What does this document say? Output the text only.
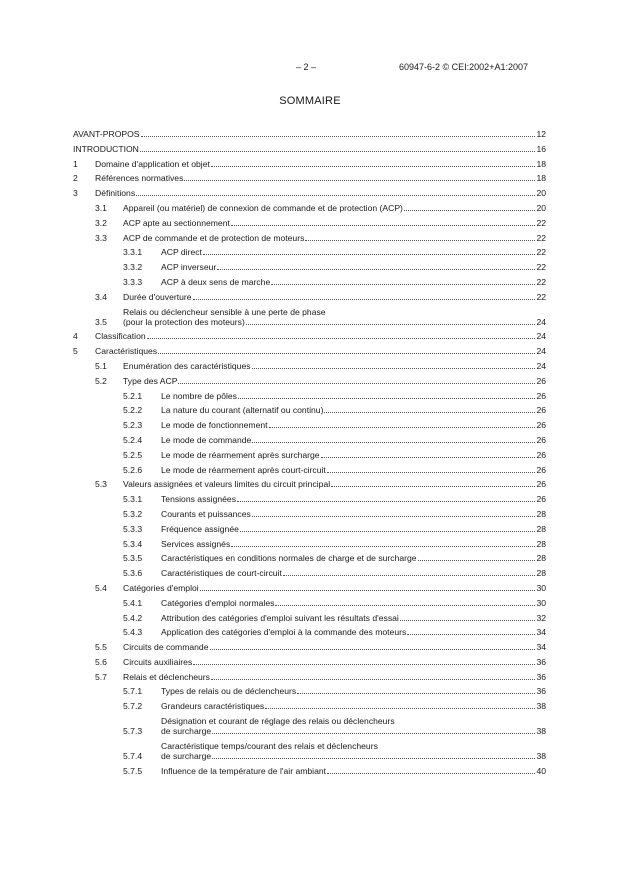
– 2 –	60947-6-2 © CEI:2002+A1:2007
SOMMAIRE
AVANT-PROPOS	12
INTRODUCTION	16
1	Domaine d'application et objet	18
2	Références normatives	18
3	Définitions	20
3.1	Appareil (ou matériel) de connexion de commande et de protection (ACP)	20
3.2	ACP apte au sectionnement	22
3.3	ACP de commande et de protection de moteurs	22
3.3.1	ACP direct	22
3.3.2	ACP inverseur	22
3.3.3	ACP à deux sens de marche	22
3.4	Durée d'ouverture	22
3.5
Relais ou déclencheur sensible à une perte de phase
(pour la protection des moteurs)	24
4	Classification	24
5	Caractéristiques	24
5.1	Enumération des caractéristiques	24
5.2	Type des ACP	26
5.2.1	Le nombre de pôles	26
5.2.2	La nature du courant (alternatif ou continu)	26
5.2.3	Le mode de fonctionnement	26
5.2.4	Le mode de commande	26
5.2.5	Le mode de réarmement après surcharge	26
5.2.6	Le mode de réarmement après court-circuit	26
5.3	Valeurs assignées et valeurs limites du circuit principal	26
5.3.1	Tensions assignées	26
5.3.2	Courants et puissances	28
5.3.3	Fréquence assignée	28
5.3.4	Services assignés	28
5.3.5	Caractéristiques en conditions normales de charge et de surcharge	28
5.3.6	Caractéristiques de court-circuit	28
5.4	Catégories d'emploi	30
5.4.1	Catégories d'emploi normales	30
5.4.2	Attribution des catégories d'emploi suivant les résultats d'essai	32
5.4.3	Application des catégories d'emploi à la commande des moteurs	34
5.5	Circuits de commande	34
5.6	Circuits auxiliaires	36
5.7	Relais et déclencheurs	36
5.7.1	Types de relais ou de déclencheurs	36
5.7.2	Grandeurs caractéristiques	38
5.7.3
Désignation et courant de réglage des relais ou déclencheurs
de surcharge	38
5.7.4
Caractéristique temps/courant des relais et déclencheurs
de surcharge	38
5.7.5	Influence de la température de l'air ambiant	40
